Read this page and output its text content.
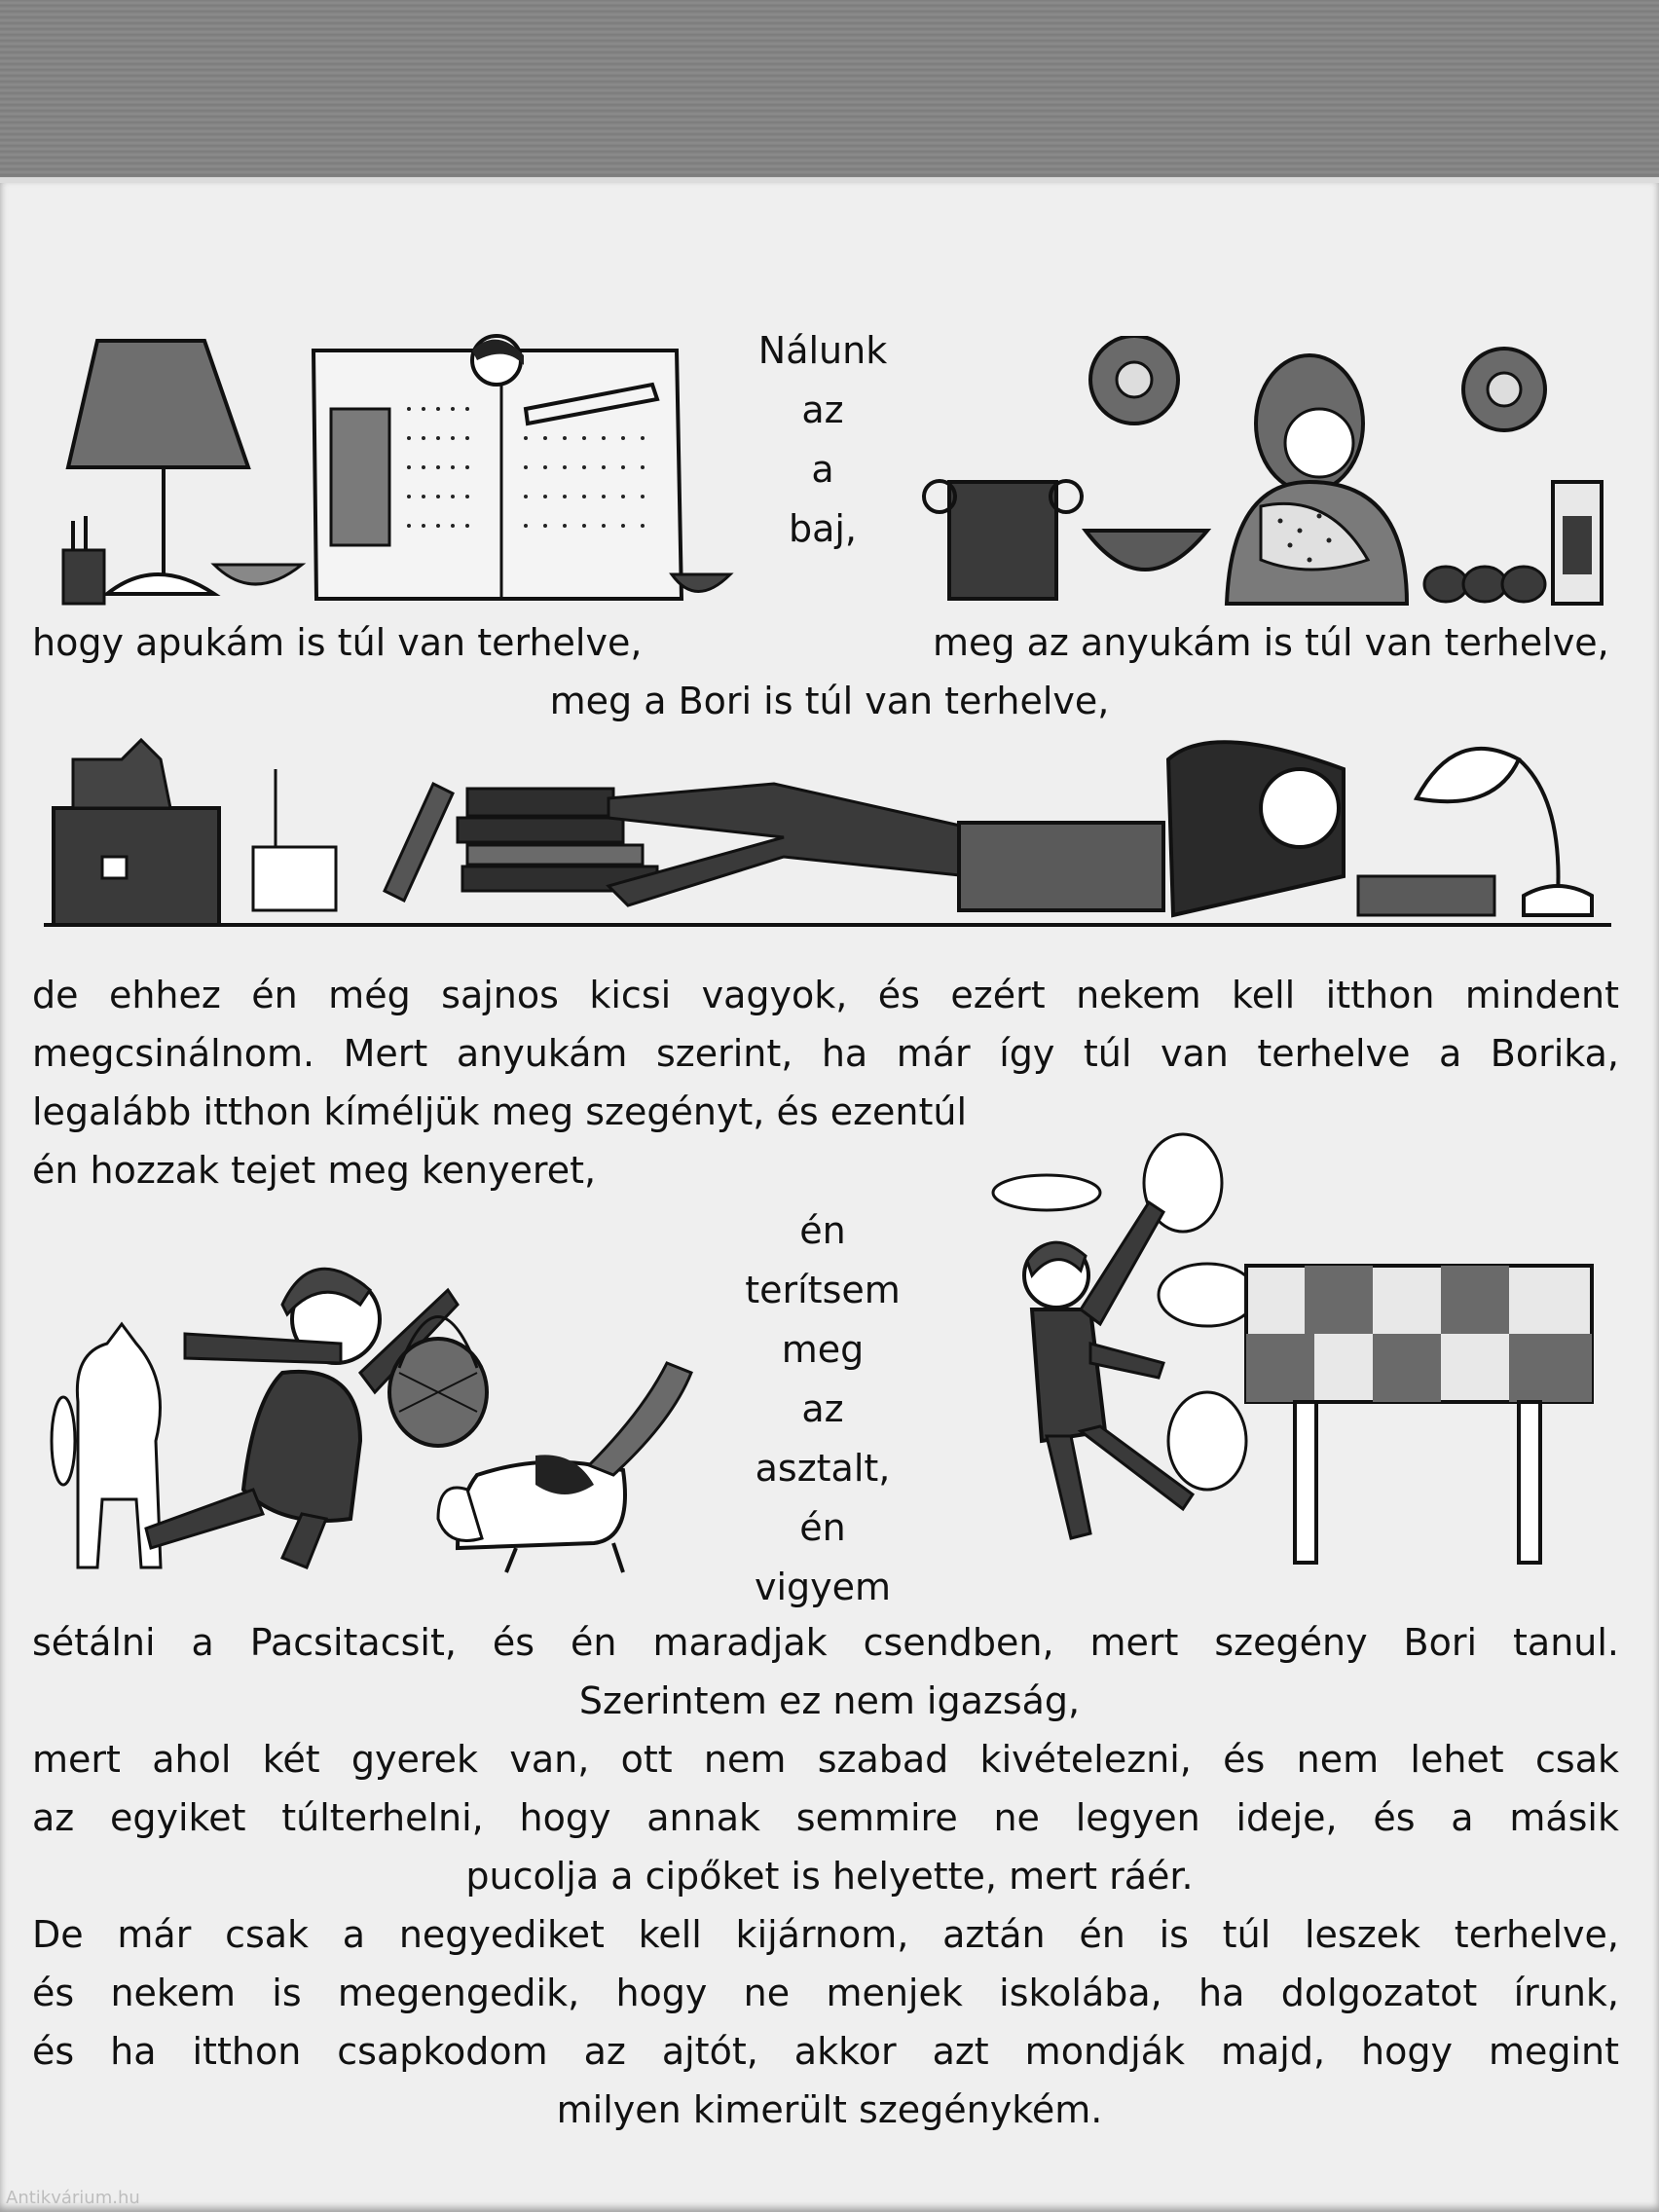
Nálunk
az
a
baj,
hogy apukám is túl van terhelve,	meg az anyukám is túl van terhelve,
meg a Bori is túl van terhelve,
de ehhez én még sajnos kicsi vagyok, és ezért nekem kell itthon mindent
megcsinálnom. Mert anyukám szerint, ha már így túl van terhelve a Borika,
legalább itthon kíméljük meg szegényt, és ezentúl
én hozzak tejet meg kenyeret,
én
terítsem
meg
az
asztalt,
én
vigyem
sétálni a Pacsitacsit, és én maradjak csendben, mert szegény Bori tanul.
Szerintem ez nem igazság,
mert ahol két gyerek van, ott nem szabad kivételezni, és nem lehet csak
az egyiket túlterhelni, hogy annak semmire ne legyen ideje, és a másik
pucolja a cipőket is helyette, mert ráér.
De már csak a negyediket kell kijárnom, aztán én is túl leszek terhelve,
és nekem is megengedik, hogy ne menjek iskolába, ha dolgozatot írunk,
és ha itthon csapkodom az ajtót, akkor azt mondják majd, hogy megint
milyen kimerült szegénykém.
Antikvárium.hu
